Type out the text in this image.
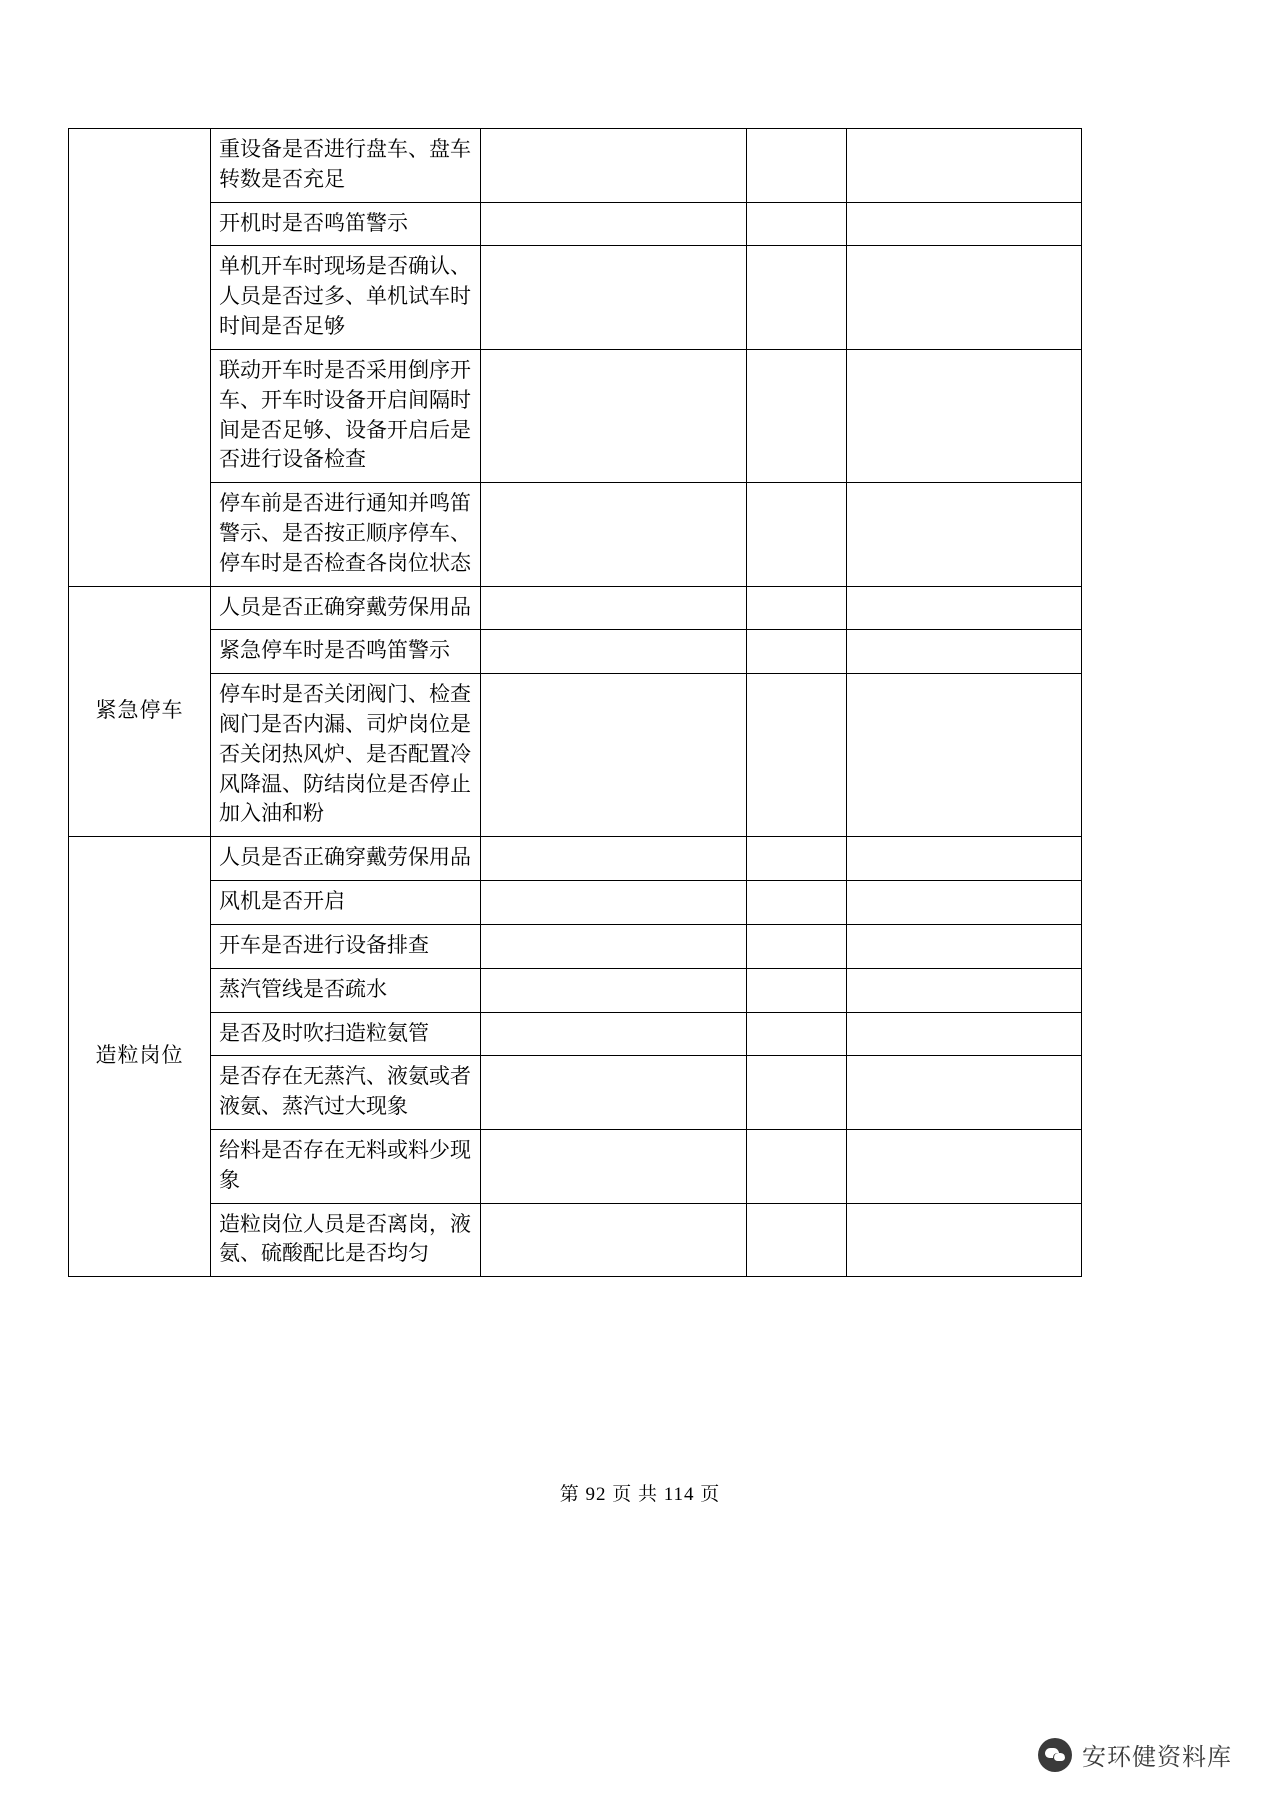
	重设备是否进行盘车、盘车转数是否充足			
	开机时是否鸣笛警示			
	单机开车时现场是否确认、人员是否过多、单机试车时时间是否足够			
	联动开车时是否采用倒序开车、开车时设备开启间隔时间是否足够、设备开启后是否进行设备检查			
	停车前是否进行通知并鸣笛警示、是否按正顺序停车、停车时是否检查各岗位状态			
紧急停车	人员是否正确穿戴劳保用品			
	紧急停车时是否鸣笛警示			
	停车时是否关闭阀门、检查阀门是否内漏、司炉岗位是否关闭热风炉、是否配置冷风降温、防结岗位是否停止加入油和粉			
造粒岗位	人员是否正确穿戴劳保用品			
	风机是否开启			
	开车是否进行设备排查			
	蒸汽管线是否疏水			
	是否及时吹扫造粒氨管			
	是否存在无蒸汽、液氨或者液氨、蒸汽过大现象			
	给料是否存在无料或料少现象			
	造粒岗位人员是否离岗，液氨、硫酸配比是否均匀			
第 92 页 共 114 页
安环健资料库
